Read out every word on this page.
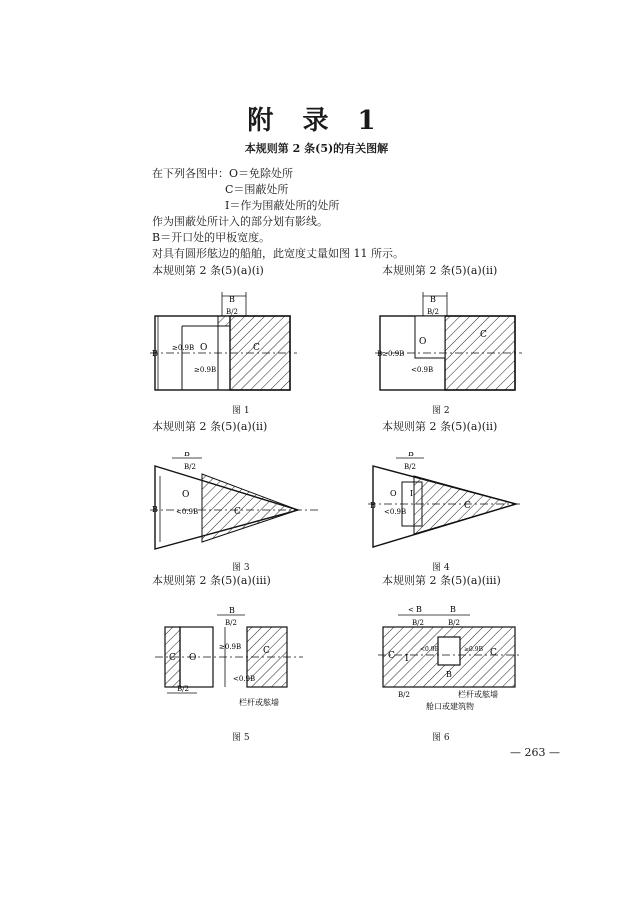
附 录 1
本规则第 2 条(5)的有关图解
在下列各图中：O＝免除处所
C＝围蔽处所
I＝作为围蔽处所的处所
作为围蔽处所计入的部分划有影线。
B＝开口处的甲板宽度。
对具有圆形舷边的船舶，此宽度丈量如图 11 所示。
本规则第 2 条(5)(a)(i)	本规则第 2 条(5)(a)(ii)
B
B/2
B
O	C
≥0.9B
≥0.9B
图 1
B
B/2
O
C
B≥0.9B
<0.9B
图 2
本规则第 2 条(5)(a)(ii)	本规则第 2 条(5)(a)(ii)
B
B/2
B
O
<0.9B	C
图 3
B
B/2
B
O I
<0.9B
C
图 4
本规则第 2 条(5)(a)(iii)	本规则第 2 条(5)(a)(iii)
B
B/2
B/2
C O
C
≥0.9B
<0.9B
栏杆或舷墙
图 5
< B	B
B/2	B/2
C I
C
B
<0.9B	≥0.9B
B/2	栏杆或舷墙
舱口或建筑物
图 6
— 263 —
